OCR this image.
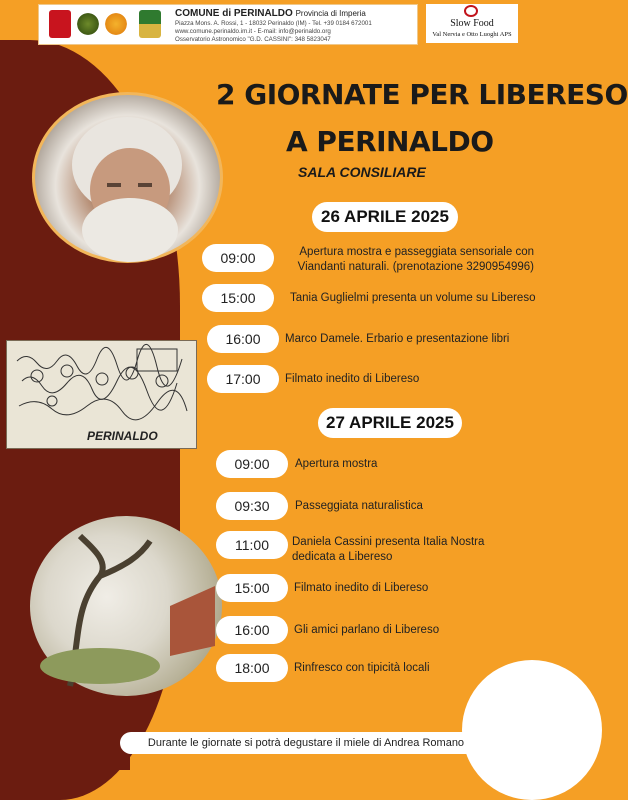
COMUNE di PERINALDO Provincia di Imperia
Piazza Mons. A. Rossi, 1 - 18032 Perinaldo (IM) - Tel. +39 0184 672001
www.comune.perinaldo.im.it - E-mail: info@perinaldo.org
Osservatorio Astronomico "G.D. CASSINI": 348 5823047
Slow Food
Val Nervia e Otto Luoghi APS
2 GIORNATE PER LIBERESO
A PERINALDO
SALA CONSILIARE
PERINALDO
26 APRILE 2025
09:00	Apertura mostra e passeggiata sensoriale con Viandanti naturali. (prenotazione 3290954996)
15:00	Tania Guglielmi presenta un volume su Libereso
16:00	Marco Damele. Erbario e presentazione libri
17:00	Filmato inedito di Libereso
27 APRILE 2025
09:00	Apertura mostra
09:30	Passeggiata naturalistica
11:00	Daniela Cassini presenta Italia Nostra dedicata a Libereso
15:00	Filmato inedito di Libereso
16:00	Gli amici parlano di Libereso
18:00	Rinfresco con tipicità locali
Durante le giornate si potrà degustare il miele di Andrea Romano
